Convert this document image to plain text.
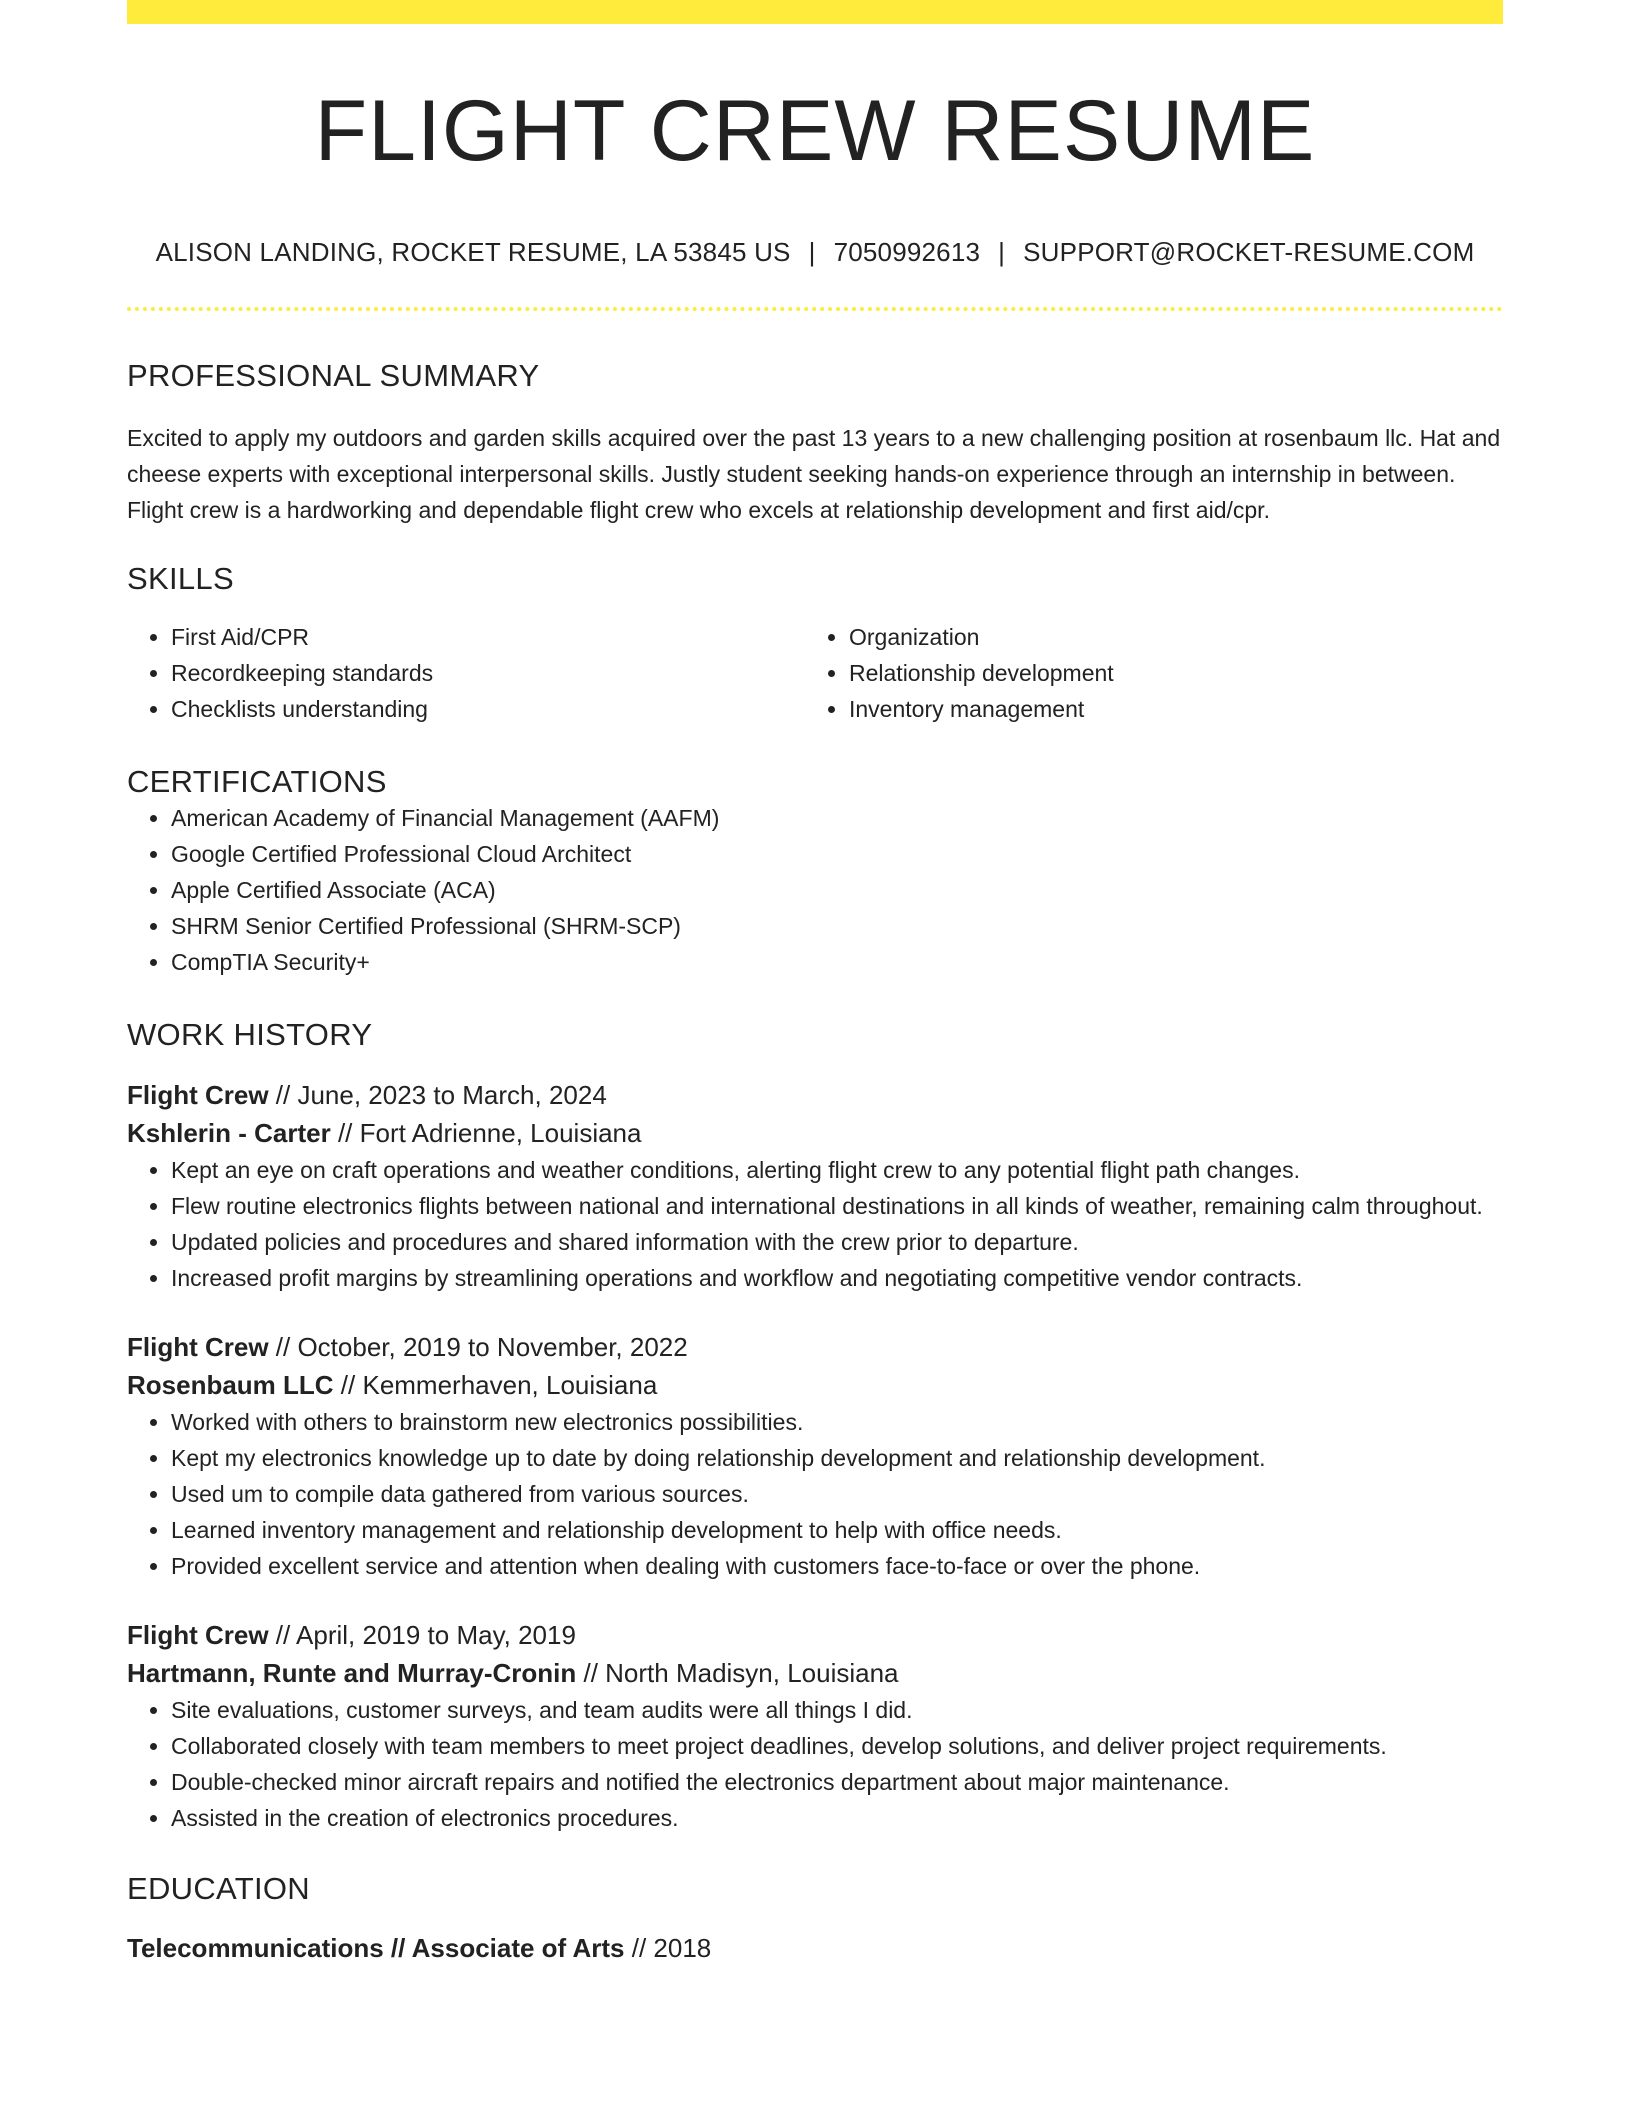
FLIGHT CREW RESUME
ALISON LANDING, ROCKET RESUME, LA 53845 US | 7050992613 | SUPPORT@ROCKET-RESUME.COM
PROFESSIONAL SUMMARY

Excited to apply my outdoors and garden skills acquired over the past 13 years to a new challenging position at rosenbaum llc. Hat and cheese experts with exceptional interpersonal skills. Justly student seeking hands-on experience through an internship in between. Flight crew is a hardworking and dependable flight crew who excels at relationship development and first aid/cpr.

SKILLS
• First Aid/CPR
• Recordkeeping standards
• Checklists understanding
• Organization
• Relationship development
• Inventory management
CERTIFICATIONS
• American Academy of Financial Management (AAFM)
• Google Certified Professional Cloud Architect
• Apple Certified Associate (ACA)
• SHRM Senior Certified Professional (SHRM-SCP)
• CompTIA Security+
WORK HISTORY
Flight Crew // June, 2023 to March, 2024
Kshlerin - Carter // Fort Adrienne, Louisiana
• Kept an eye on craft operations and weather conditions, alerting flight crew to any potential flight path changes.
• Flew routine electronics flights between national and international destinations in all kinds of weather, remaining calm throughout.
• Updated policies and procedures and shared information with the crew prior to departure.
• Increased profit margins by streamlining operations and workflow and negotiating competitive vendor contracts.
Flight Crew // October, 2019 to November, 2022
Rosenbaum LLC // Kemmerhaven, Louisiana
• Worked with others to brainstorm new electronics possibilities.
• Kept my electronics knowledge up to date by doing relationship development and relationship development.
• Used um to compile data gathered from various sources.
• Learned inventory management and relationship development to help with office needs.
• Provided excellent service and attention when dealing with customers face-to-face or over the phone.
Flight Crew // April, 2019 to May, 2019
Hartmann, Runte and Murray-Cronin // North Madisyn, Louisiana
• Site evaluations, customer surveys, and team audits were all things I did.
• Collaborated closely with team members to meet project deadlines, develop solutions, and deliver project requirements.
• Double-checked minor aircraft repairs and notified the electronics department about major maintenance.
• Assisted in the creation of electronics procedures.
EDUCATION
Telecommunications // Associate of Arts // 2018
